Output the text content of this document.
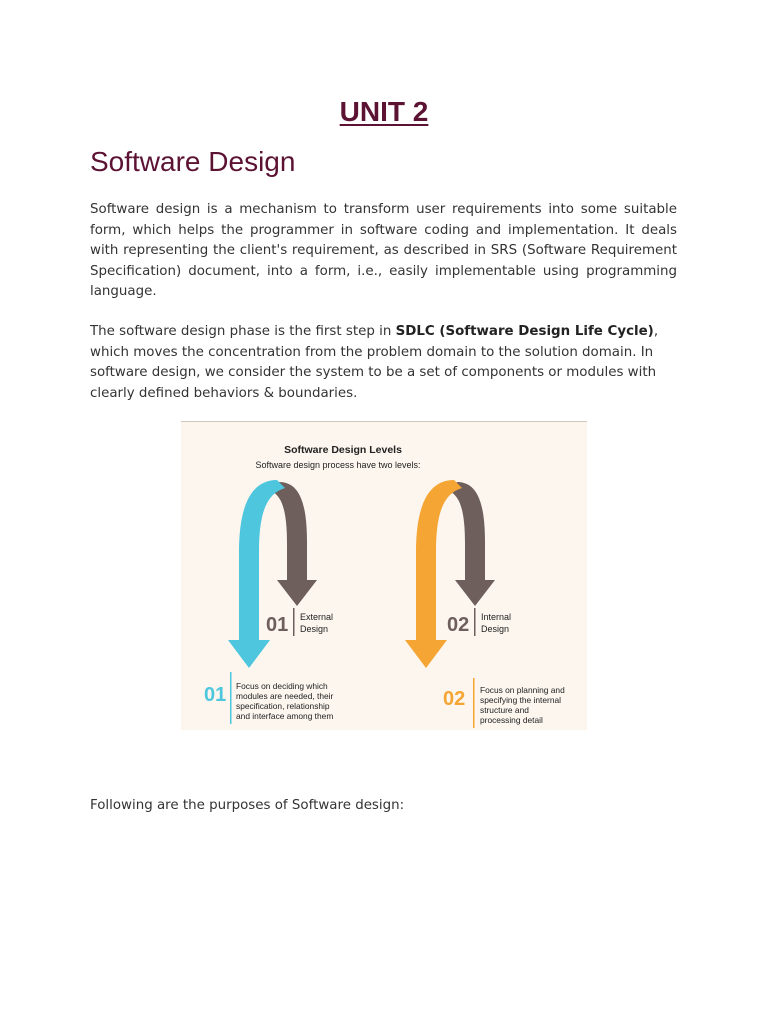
UNIT 2
Software Design

Software design is a mechanism to transform user requirements into some suitable form, which helps the programmer in software coding and implementation. It deals with representing the client's requirement, as described in SRS (Software Requirement Specification) document, into a form, i.e., easily implementable using programming language.

The software design phase is the first step in SDLC (Software Design Life Cycle), which moves the concentration from the problem domain to the solution domain. In software design, we consider the system to be a set of components or modules with clearly defined behaviors & boundaries.

Software Design Levels
Software design process have two levels:
01 External
Design	02 Internal
Design
01 Focus on deciding which
modules are needed, their
specification, relationship
and interface among them
02 Focus on planning and
specifying the internal
structure and
processing detail

Following are the purposes of Software design:
